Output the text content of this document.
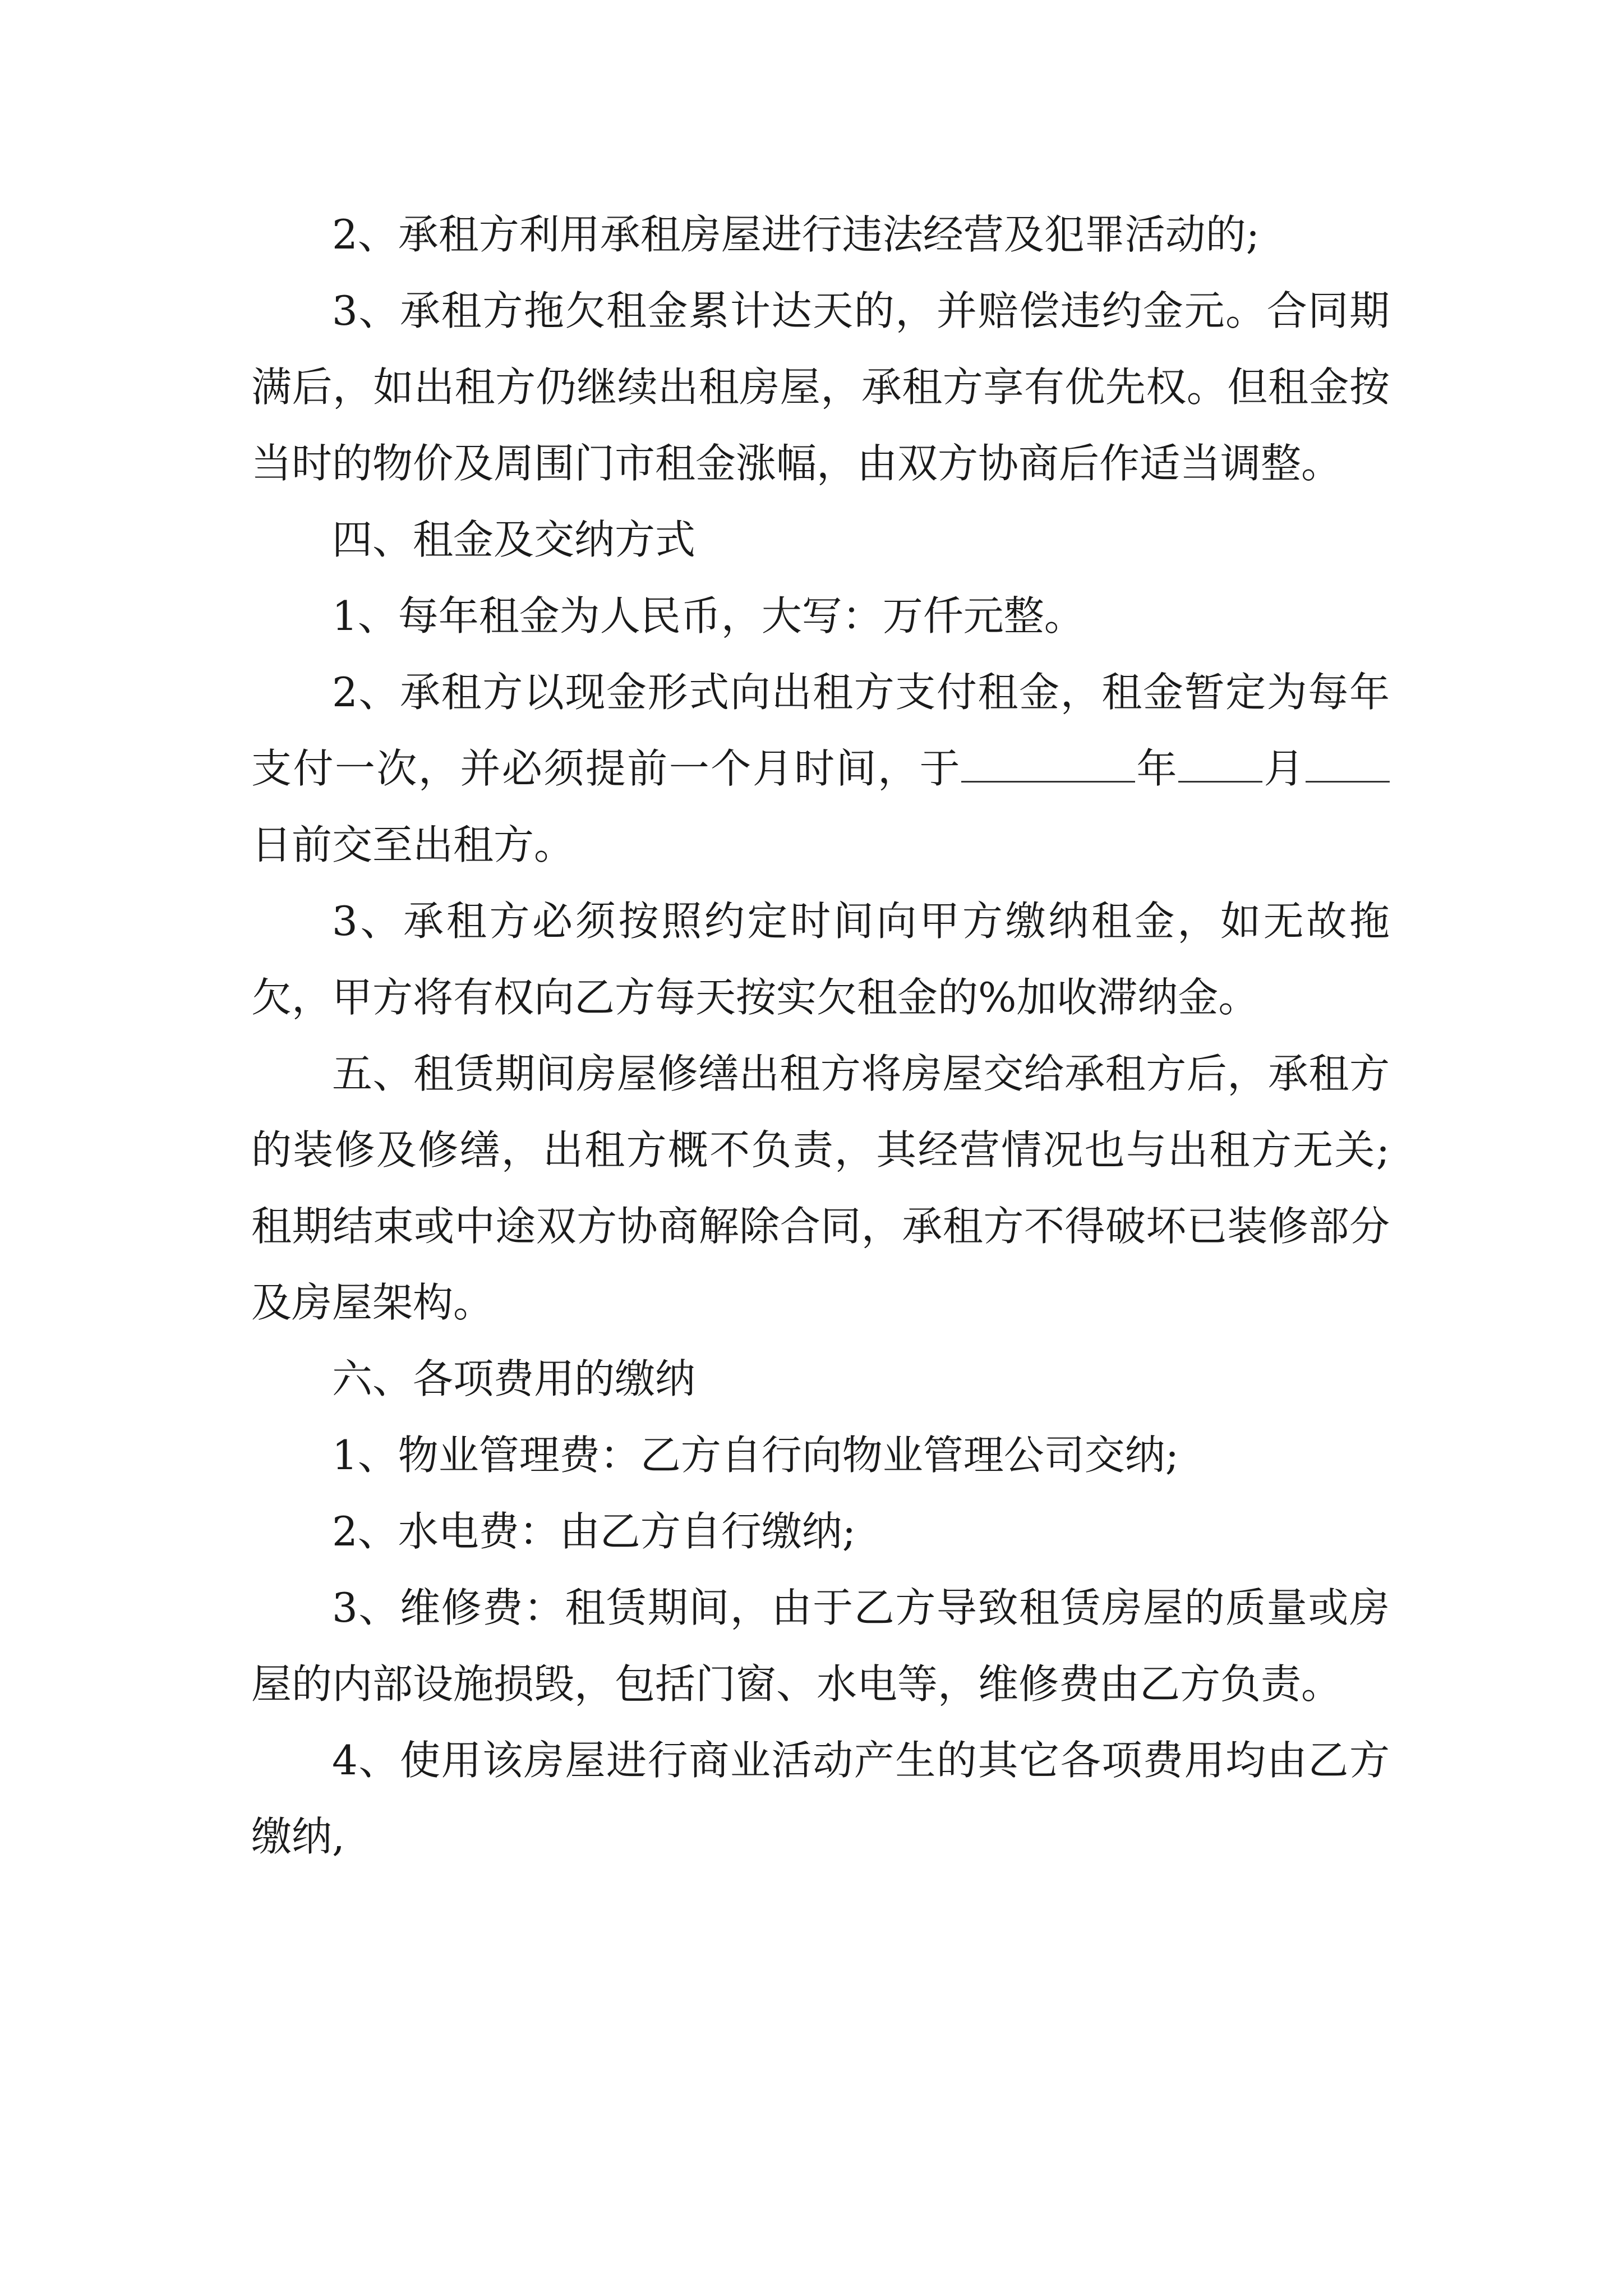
2、承租方利用承租房屋进行违法经营及犯罪活动的;

3、承租方拖欠租金累计达天的，并赔偿违约金元。合同期满后，如出租方仍继续出租房屋，承租方享有优先权。但租金按当时的物价及周围门市租金涨幅，由双方协商后作适当调整。

四、租金及交纳方式

1、每年租金为人民币，大写：万仟元整。

2、承租方以现金形式向出租方支付租金，租金暂定为每年支付一次，并必须提前一个月时间，于	年 月日前交至出租方。

3、承租方必须按照约定时间向甲方缴纳租金，如无故拖欠，甲方将有权向乙方每天按实欠租金的%加收滞纳金。

五、租赁期间房屋修缮出租方将房屋交给承租方后，承租方的装修及修缮，出租方概不负责，其经营情况也与出租方无关;租期结束或中途双方协商解除合同，承租方不得破坏已装修部分及房屋架构。

六、各项费用的缴纳

1、物业管理费：乙方自行向物业管理公司交纳;

2、水电费：由乙方自行缴纳;

3、维修费：租赁期间，由于乙方导致租赁房屋的质量或房屋的内部设施损毁，包括门窗、水电等，维修费由乙方负责。

4、使用该房屋进行商业活动产生的其它各项费用均由乙方缴纳,
